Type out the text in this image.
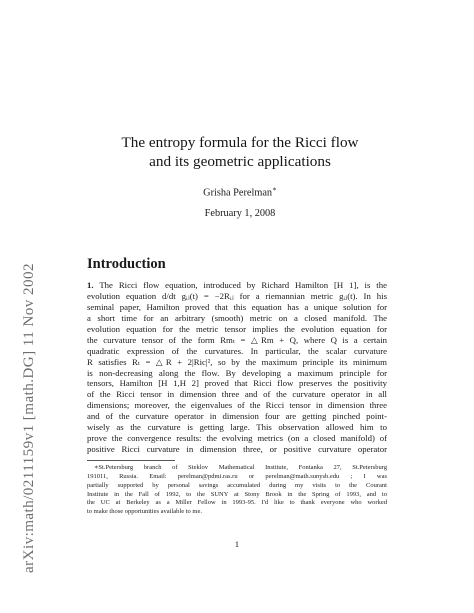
arXiv:math/0211159v1 [math.DG] 11 Nov 2002
The entropy formula for the Ricci flow
and its geometric applications
Grisha Perelman∗
February 1, 2008
Introduction
1. The Ricci flow equation, introduced by Richard Hamilton [H 1], is the
evolution equation d/dt gᵢⱼ(t) = −2Rᵢⱼ for a riemannian metric gᵢⱼ(t). In his
seminal paper, Hamilton proved that this equation has a unique solution for
a short time for an arbitrary (smooth) metric on a closed manifold. The
evolution equation for the metric tensor implies the evolution equation for
the curvature tensor of the form Rmₜ = △Rm + Q, where Q is a certain
quadratic expression of the curvatures. In particular, the scalar curvature
R satisfies Rₜ = △R + 2|Ric|², so by the maximum principle its minimum
is non-decreasing along the flow. By developing a maximum principle for
tensors, Hamilton [H 1,H 2] proved that Ricci flow preserves the positivity
of the Ricci tensor in dimension three and of the curvature operator in all
dimensions; moreover, the eigenvalues of the Ricci tensor in dimension three
and of the curvature operator in dimension four are getting pinched point-
wisely as the curvature is getting large. This observation allowed him to
prove the convergence results: the evolving metrics (on a closed manifold) of
positive Ricci curvature in dimension three, or positive curvature operator
∗St.Petersburg branch of Steklov Mathematical Institute, Fontanka 27, St.Petersburg
191011, Russia. Email: perelman@pdmi.ras.ru or perelman@math.sunysb.edu ; I was
partially supported by personal savings accumulated during my visits to the Courant
Institute in the Fall of 1992, to the SUNY at Stony Brook in the Spring of 1993, and to
the UC at Berkeley as a Miller Fellow in 1993-95. I'd like to thank everyone who worked
to make those opportunities available to me.
1
